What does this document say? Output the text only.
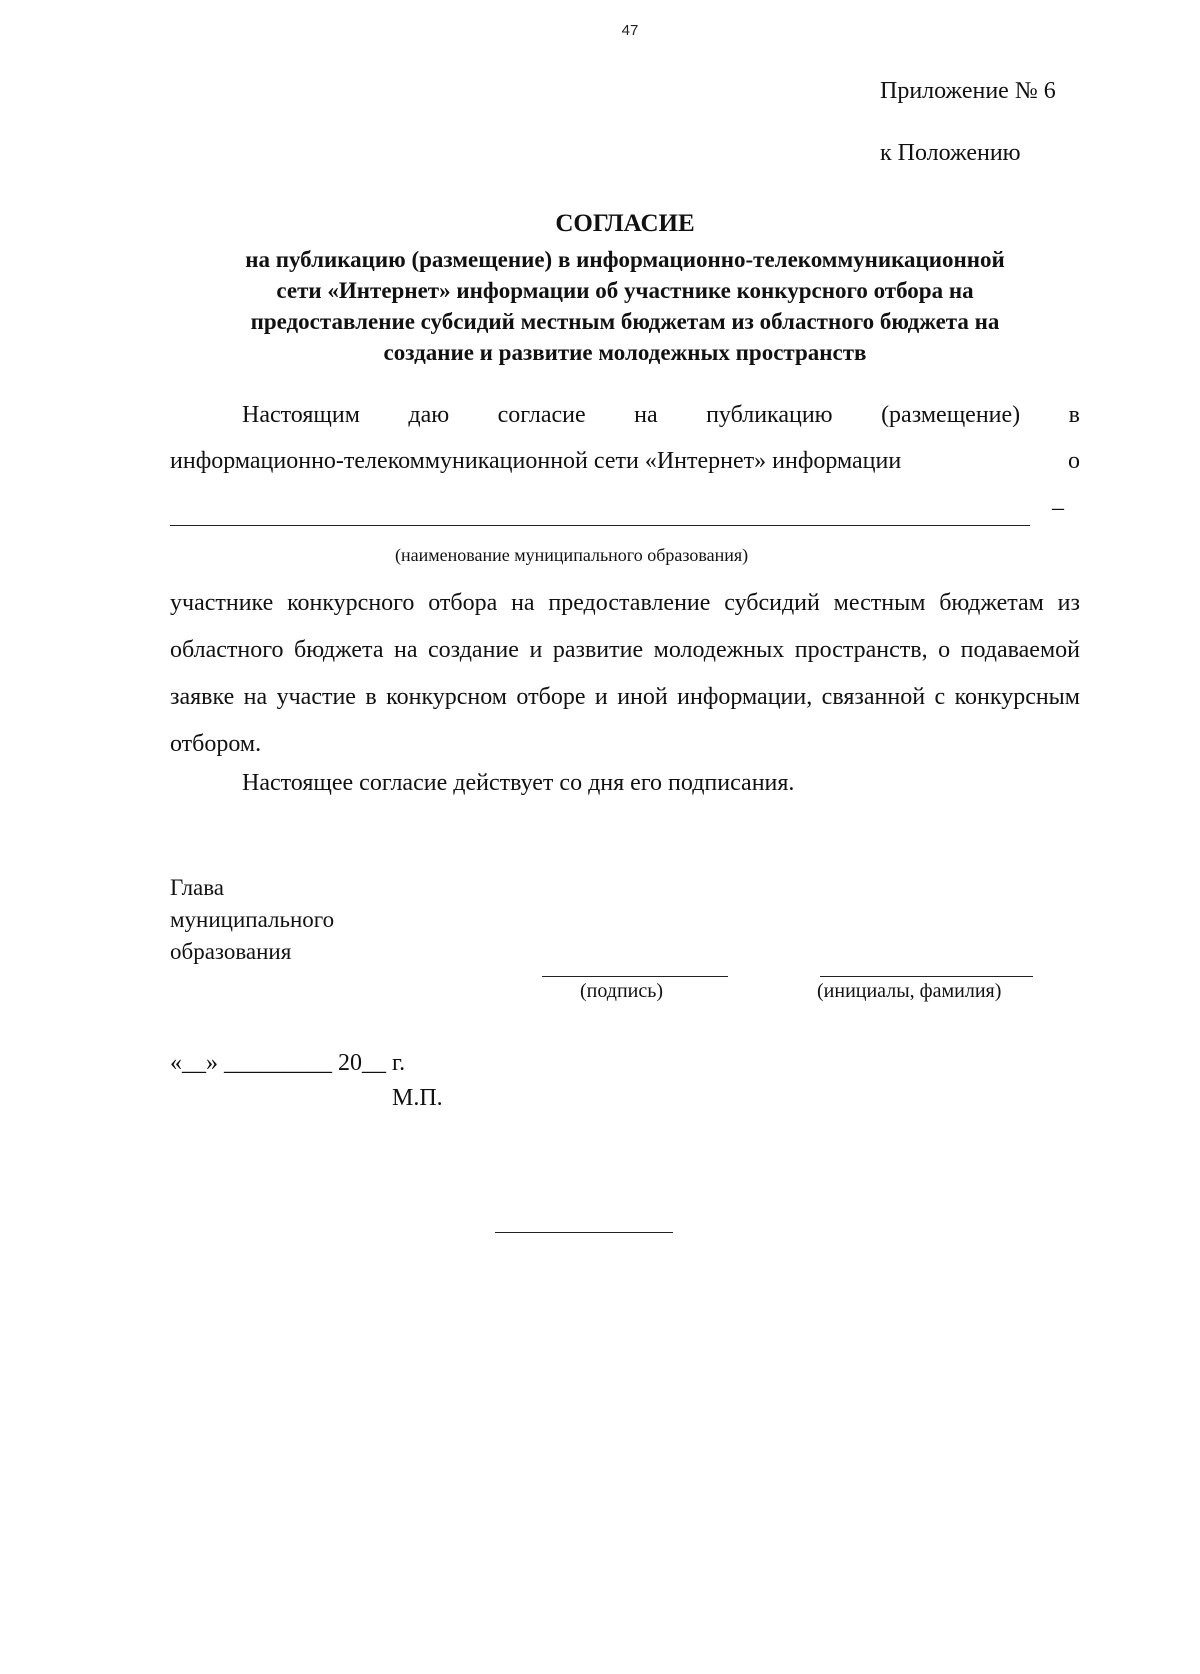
47
Приложение № 6
к Положению
СОГЛАСИЕ
на публикацию (размещение) в информационно-телекоммуникационной
сети «Интернет» информации об участнике конкурсного отбора на
предоставление субсидий местным бюджетам из областного бюджета на
создание и развитие молодежных пространств
Настоящим даю согласие на публикацию (размещение) в
информационно-телекоммуникационной сети «Интернет» информации	о
–
(наименование муниципального образования)
участнике конкурсного отбора на предоставление субсидий местным бюджетам из областного бюджета на создание и развитие молодежных пространств, о подаваемой заявке на участие в конкурсном отборе и иной информации, связанной с конкурсным отбором.
Настоящее согласие действует со дня его подписания.
Глава
муниципального
образования
(подпись)	(инициалы, фамилия)
«__» _________ 20__ г.
М.П.
